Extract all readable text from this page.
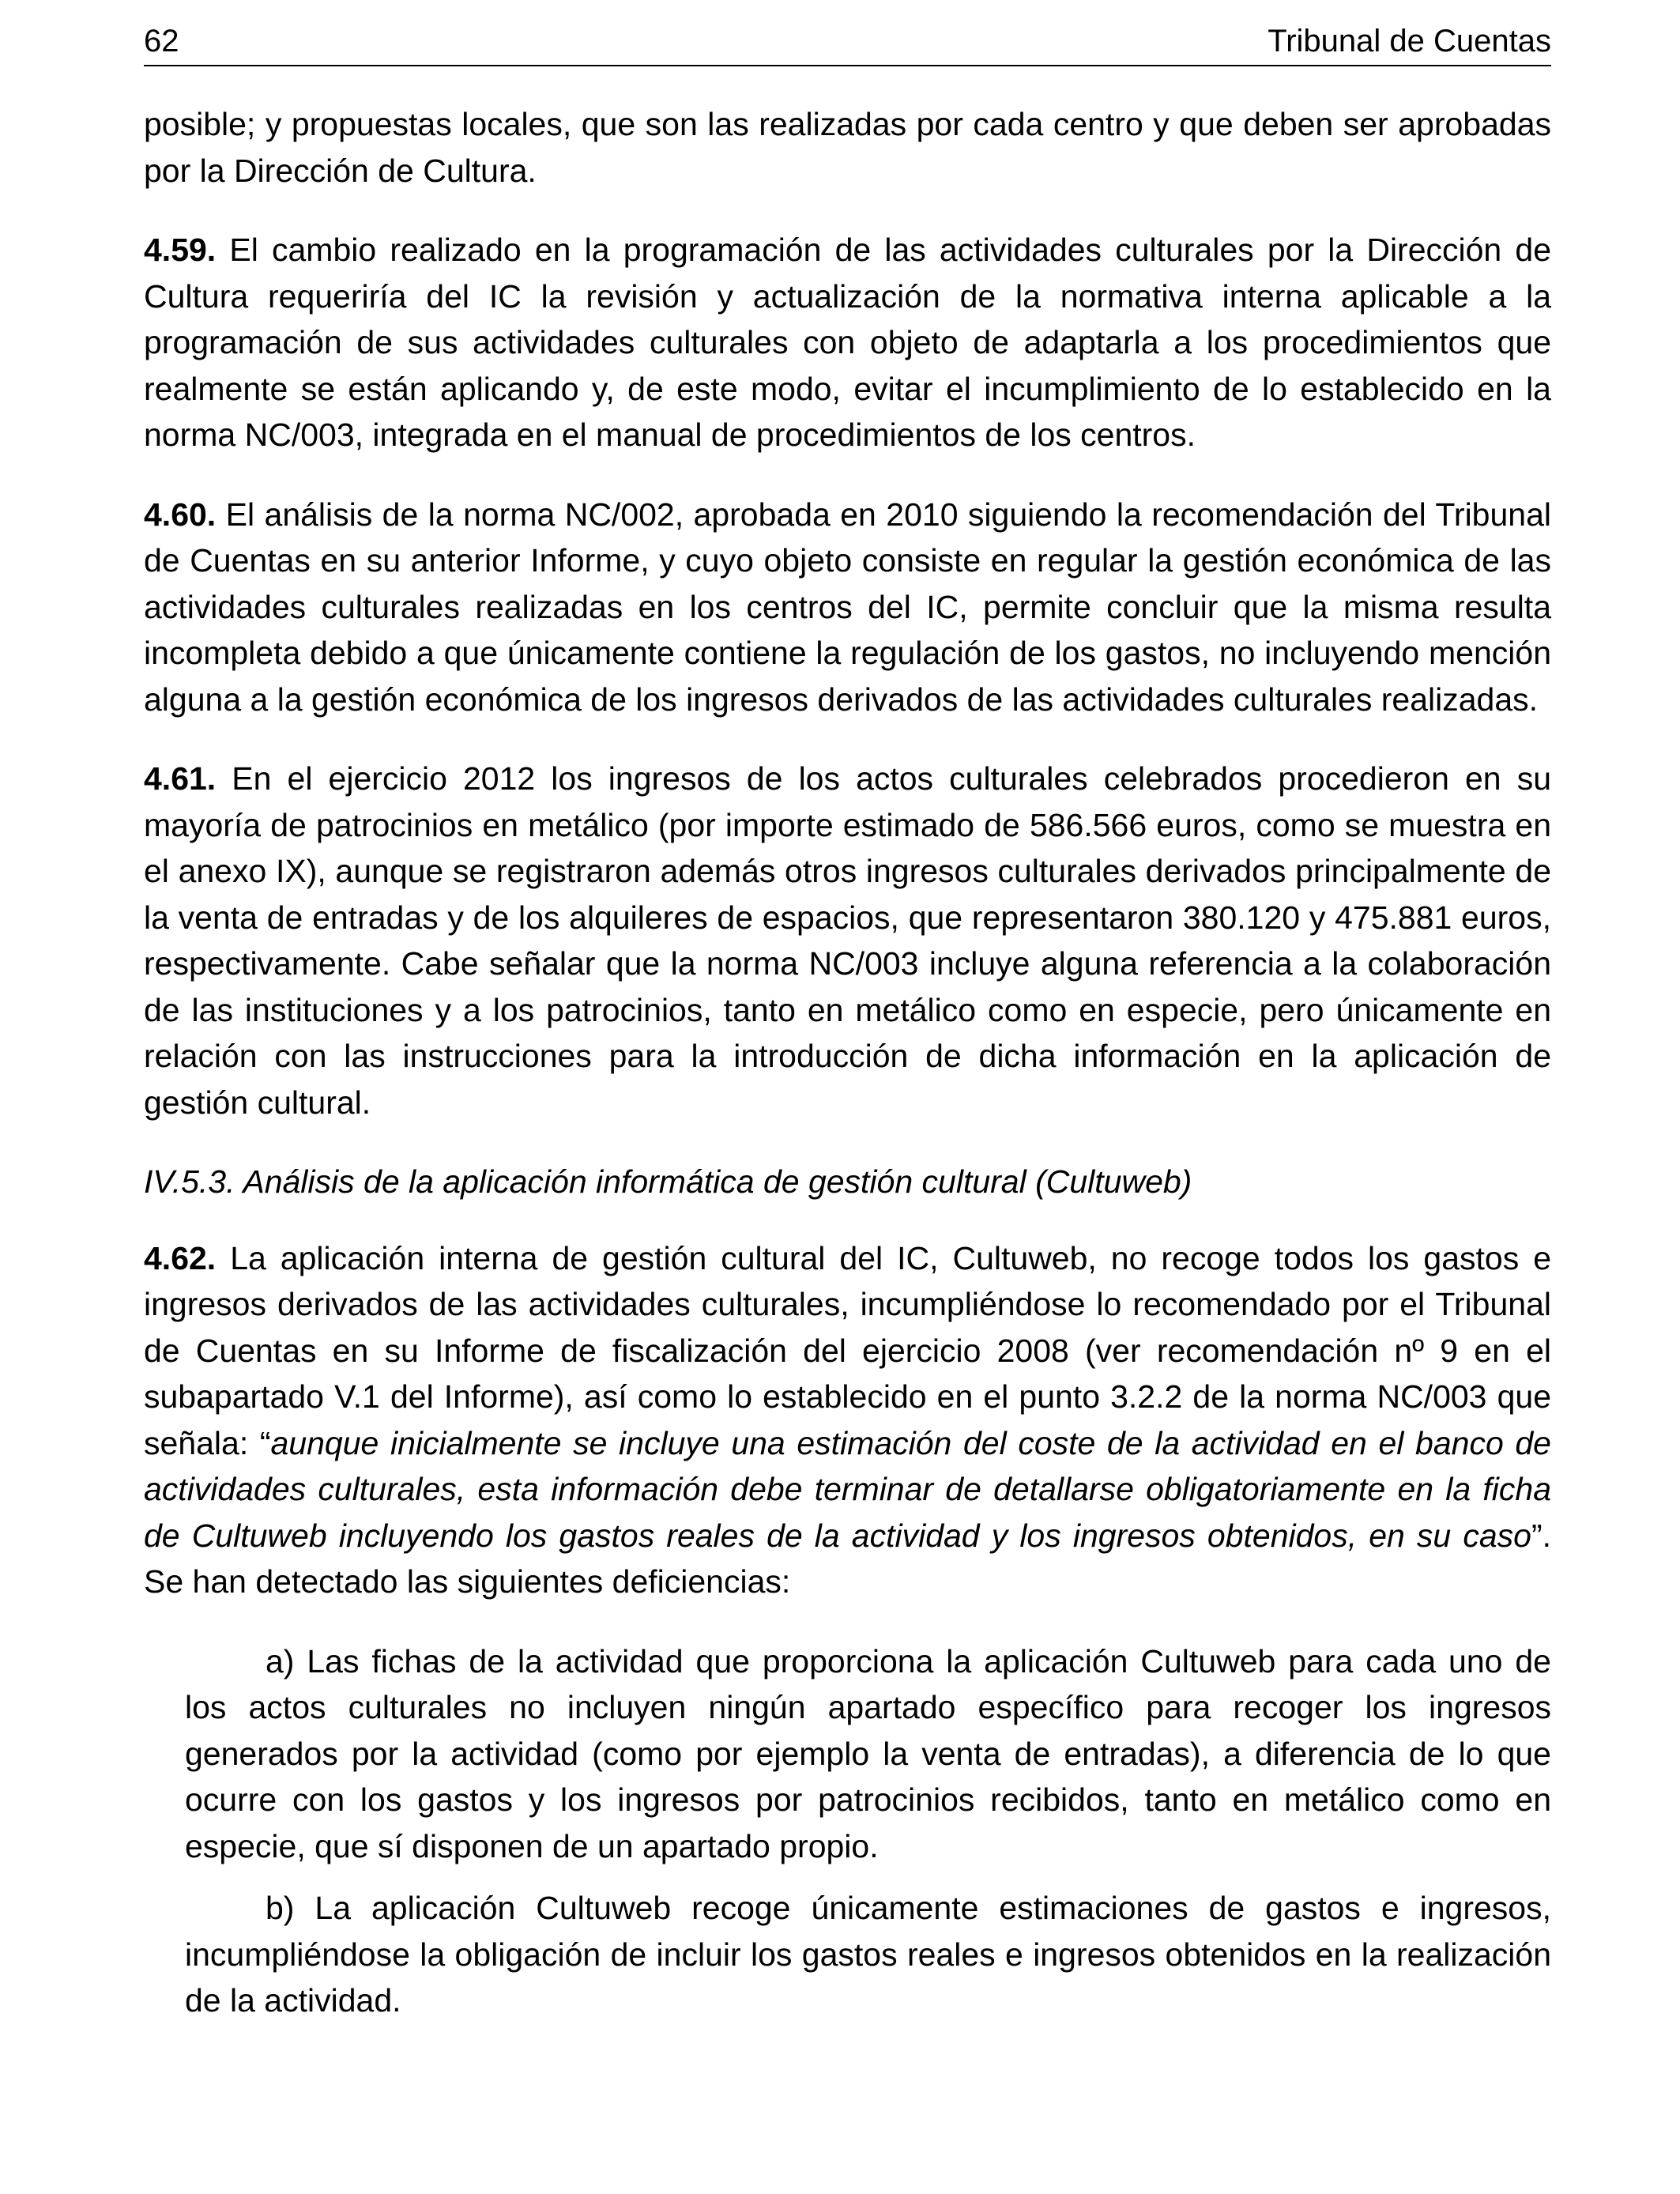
62	Tribunal de Cuentas

posible; y propuestas locales, que son las realizadas por cada centro y que deben ser aprobadas por la Dirección de Cultura.

4.59. El cambio realizado en la programación de las actividades culturales por la Dirección de Cultura requeriría del IC la revisión y actualización de la normativa interna aplicable a la programación de sus actividades culturales con objeto de adaptarla a los procedimientos que realmente se están aplicando y, de este modo, evitar el incumplimiento de lo establecido en la norma NC/003, integrada en el manual de procedimientos de los centros.

4.60. El análisis de la norma NC/002, aprobada en 2010 siguiendo la recomendación del Tribunal de Cuentas en su anterior Informe, y cuyo objeto consiste en regular la gestión económica de las actividades culturales realizadas en los centros del IC, permite concluir que la misma resulta incompleta debido a que únicamente contiene la regulación de los gastos, no incluyendo mención alguna a la gestión económica de los ingresos derivados de las actividades culturales realizadas.

4.61. En el ejercicio 2012 los ingresos de los actos culturales celebrados procedieron en su mayoría de patrocinios en metálico (por importe estimado de 586.566 euros, como se muestra en el anexo IX), aunque se registraron además otros ingresos culturales derivados principalmente de la venta de entradas y de los alquileres de espacios, que representaron 380.120 y 475.881 euros, respectivamente. Cabe señalar que la norma NC/003 incluye alguna referencia a la colaboración de las instituciones y a los patrocinios, tanto en metálico como en especie, pero únicamente en relación con las instrucciones para la introducción de dicha información en la aplicación de gestión cultural.

IV.5.3. Análisis de la aplicación informática de gestión cultural (Cultuweb)

4.62. La aplicación interna de gestión cultural del IC, Cultuweb, no recoge todos los gastos e ingresos derivados de las actividades culturales, incumpliéndose lo recomendado por el Tribunal de Cuentas en su Informe de fiscalización del ejercicio 2008 (ver recomendación nº 9 en el subapartado V.1 del Informe), así como lo establecido en el punto 3.2.2 de la norma NC/003 que señala: “aunque inicialmente se incluye una estimación del coste de la actividad en el banco de actividades culturales, esta información debe terminar de detallarse obligatoriamente en la ficha de Cultuweb incluyendo los gastos reales de la actividad y los ingresos obtenidos, en su caso”. Se han detectado las siguientes deficiencias:

a) Las fichas de la actividad que proporciona la aplicación Cultuweb para cada uno de los actos culturales no incluyen ningún apartado específico para recoger los ingresos generados por la actividad (como por ejemplo la venta de entradas), a diferencia de lo que ocurre con los gastos y los ingresos por patrocinios recibidos, tanto en metálico como en especie, que sí disponen de un apartado propio.

b) La aplicación Cultuweb recoge únicamente estimaciones de gastos e ingresos, incumpliéndose la obligación de incluir los gastos reales e ingresos obtenidos en la realización de la actividad.
